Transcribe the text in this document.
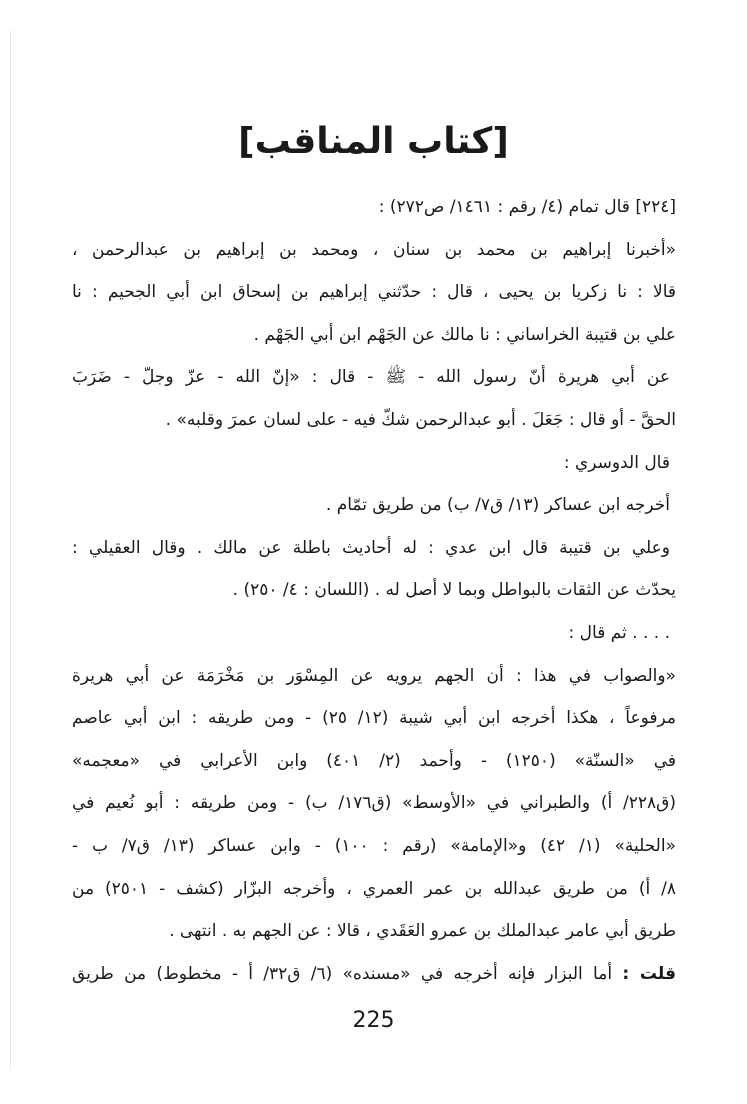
[كتاب المناقب]
[٢٢٤] قال تمام (٤/ رقم : ١٤٦١/ ص٢٧٢) :
«أخبرنا إبراهيم بن محمد بن سنان ، ومحمد بن إبراهيم بن عبدالرحمن ،
قالا : نا زكريا بن يحيى ، قال : حدّثني إبراهيم بن إسحاق ابن أبي الجحيم : نا
علي بن قتيبة الخراساني : نا مالك عن الجَهْم ابن أبي الجَهْم .
عن أبي هريرة أنّ رسول الله - ﷺ - قال : «إنّ الله - عزّ وجلّ - ضَرَبَ
الحقَّ - أو قال : جَعَلَ . أبو عبدالرحمن شكّ فيه - على لسان عمرَ وقلبه» .
قال الدوسري :
أخرجه ابن عساكر (١٣/ ق٧/ ب) من طريق تمّام .
وعلي بن قتيبة قال ابن عدي : له أحاديث باطلة عن مالك . وقال العقيلي :
يحدّث عن الثقات بالبواطل وبما لا أصل له . (اللسان : ٤/ ٢٥٠) .
. . . . ثم قال :
«والصواب في هذا : أن الجهم يرويه عن المِسْوَر بن مَخْرَمَة عن أبي هريرة
مرفوعاً ، هكذا أخرجه ابن أبي شيبة (١٢/ ٢٥) - ومن طريقه : ابن أبي عاصم
في «السنّة» (١٢٥٠) - وأحمد (٢/ ٤٠١) وابن الأعرابي في «معجمه»
(ق٢٢٨/ أ) والطبراني في «الأوسط» (ق١٧٦/ ب) - ومن طريقه : أبو نُعيم في
«الحلية» (١/ ٤٢) و«الإمامة» (رقم : ١٠٠) - وابن عساكر (١٣/ ق٧/ ب -
٨/ أ) من طريق عبدالله بن عمر العمري ، وأخرجه البزّار (كشف - ٢٥٠١) من
طريق أبي عامر عبدالملك بن عمرو العَقَدي ، قالا : عن الجهم به . انتهى .
قلت : أما البزار فإنه أخرجه في «مسنده» (٦/ ق٣٢/ أ - مخطوط) من طريق
225
